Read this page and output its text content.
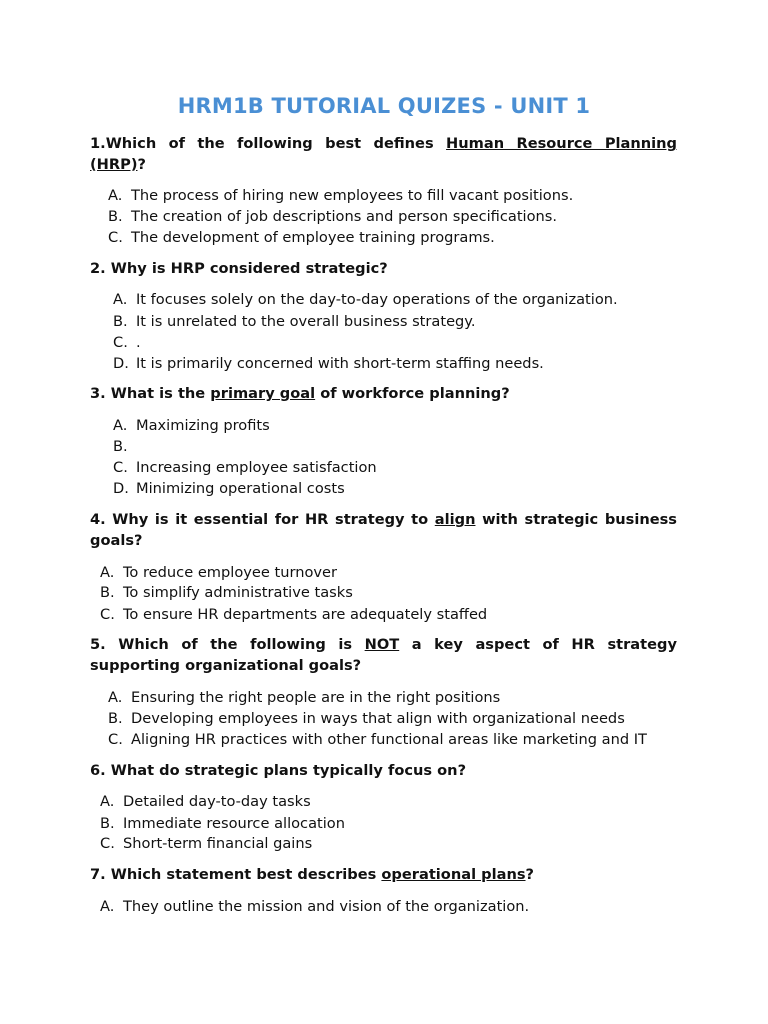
HRM1B TUTORIAL QUIZES - UNIT 1

1.Which of the following best defines Human Resource Planning (HRP)?

A. The process of hiring new employees to fill vacant positions.
B. The creation of job descriptions and person specifications.
C. The development of employee training programs.

2. Why is HRP considered strategic?

A. It focuses solely on the day-to-day operations of the organization.
B. It is unrelated to the overall business strategy.
C. .
D. It is primarily concerned with short-term staffing needs.

3. What is the primary goal of workforce planning?

A. Maximizing profits
B.
C. Increasing employee satisfaction
D. Minimizing operational costs

4. Why is it essential for HR strategy to align with strategic business goals?

A. To reduce employee turnover
B. To simplify administrative tasks
C. To ensure HR departments are adequately staffed

5. Which of the following is NOT a key aspect of HR strategy supporting organizational goals?

A. Ensuring the right people are in the right positions
B. Developing employees in ways that align with organizational needs
C. Aligning HR practices with other functional areas like marketing and IT

6. What do strategic plans typically focus on?

A. Detailed day-to-day tasks
B. Immediate resource allocation
C. Short-term financial gains

7. Which statement best describes operational plans?

A. They outline the mission and vision of the organization.
